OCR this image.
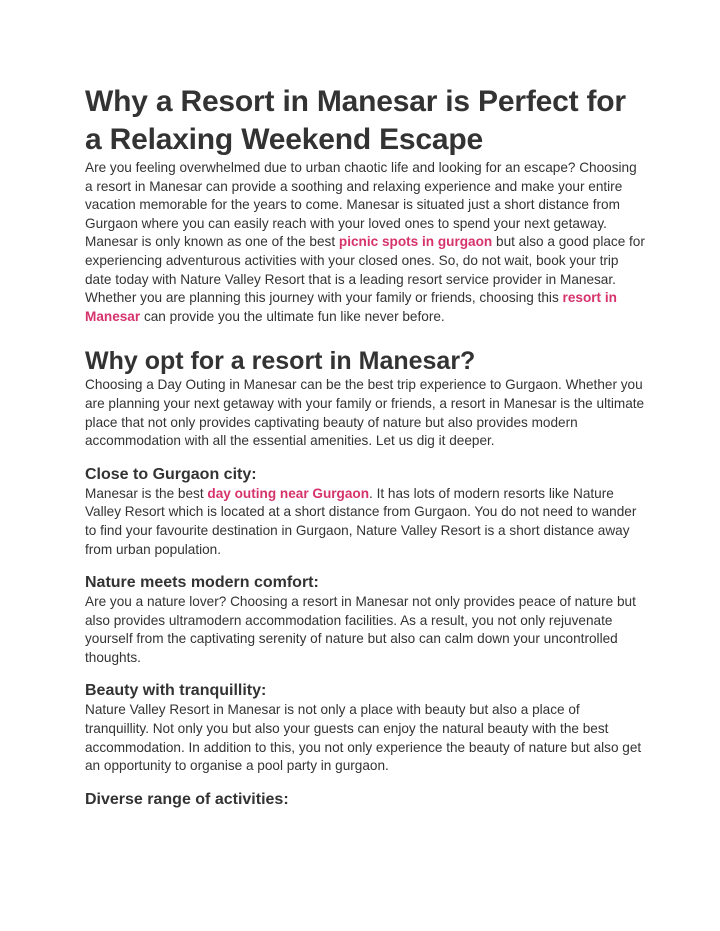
Why a Resort in Manesar is Perfect for a Relaxing Weekend Escape

Are you feeling overwhelmed due to urban chaotic life and looking for an escape? Choosing a resort in Manesar can provide a soothing and relaxing experience and make your entire vacation memorable for the years to come. Manesar is situated just a short distance from Gurgaon where you can easily reach with your loved ones to spend your next getaway. Manesar is only known as one of the best picnic spots in gurgaon but also a good place for experiencing adventurous activities with your closed ones. So, do not wait, book your trip date today with Nature Valley Resort that is a leading resort service provider in Manesar. Whether you are planning this journey with your family or friends, choosing this resort in Manesar can provide you the ultimate fun like never before.

Why opt for a resort in Manesar?

Choosing a Day Outing in Manesar can be the best trip experience to Gurgaon. Whether you are planning your next getaway with your family or friends, a resort in Manesar is the ultimate place that not only provides captivating beauty of nature but also provides modern accommodation with all the essential amenities. Let us dig it deeper.

Close to Gurgaon city:

Manesar is the best day outing near Gurgaon. It has lots of modern resorts like Nature Valley Resort which is located at a short distance from Gurgaon. You do not need to wander to find your favourite destination in Gurgaon, Nature Valley Resort is a short distance away from urban population.

Nature meets modern comfort:

Are you a nature lover? Choosing a resort in Manesar not only provides peace of nature but also provides ultramodern accommodation facilities. As a result, you not only rejuvenate yourself from the captivating serenity of nature but also can calm down your uncontrolled thoughts.

Beauty with tranquillity:

Nature Valley Resort in Manesar is not only a place with beauty but also a place of tranquillity. Not only you but also your guests can enjoy the natural beauty with the best accommodation. In addition to this, you not only experience the beauty of nature but also get an opportunity to organise a pool party in gurgaon.

Diverse range of activities:
